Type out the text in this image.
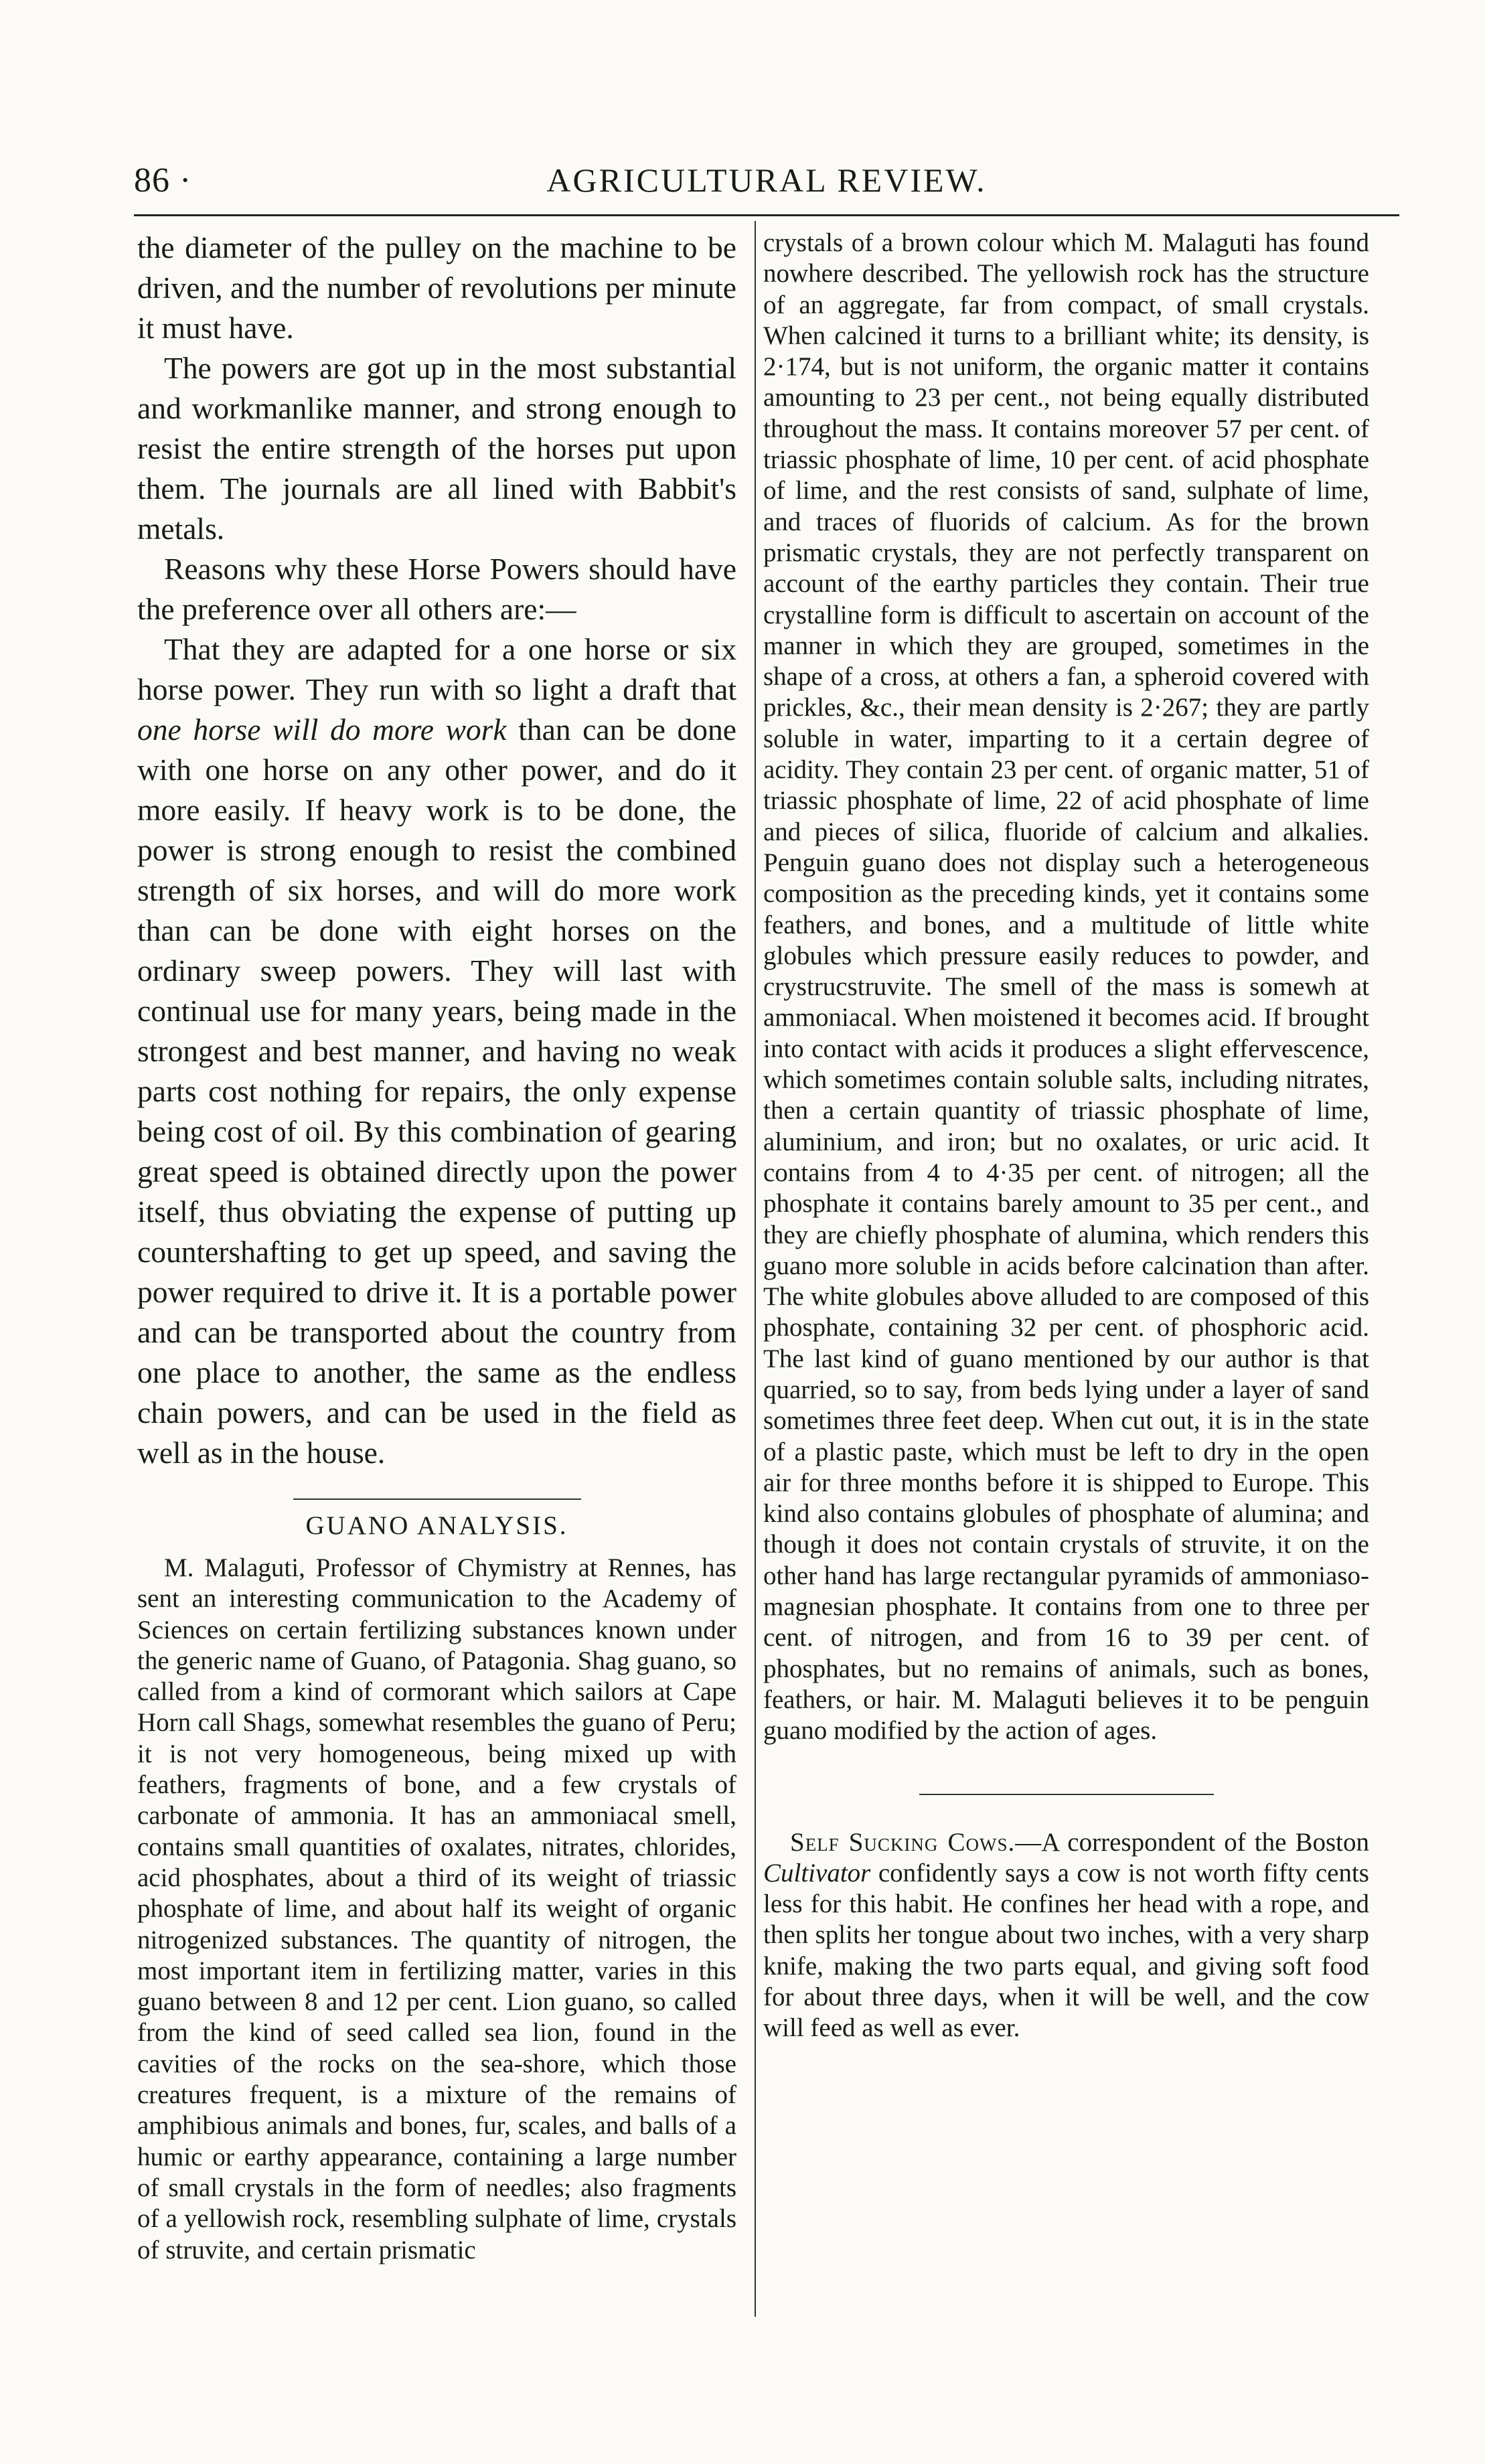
86 ·	AGRICULTURAL REVIEW.

the diameter of the pulley on the machine to be driven, and the number of revolutions per minute it must have.

The powers are got up in the most substantial and workmanlike manner, and strong enough to resist the entire strength of the horses put upon them. The journals are all lined with Babbit's metals.

Reasons why these Horse Powers should have the preference over all others are:—

That they are adapted for a one horse or six horse power. They run with so light a draft that one horse will do more work than can be done with one horse on any other power, and do it more easily. If heavy work is to be done, the power is strong enough to resist the combined strength of six horses, and will do more work than can be done with eight horses on the ordinary sweep powers. They will last with continual use for many years, being made in the strongest and best manner, and having no weak parts cost nothing for repairs, the only expense being cost of oil. By this combination of gearing great speed is obtained directly upon the power itself, thus obviating the expense of putting up countershafting to get up speed, and saving the power required to drive it. It is a portable power and can be transported about the country from one place to another, the same as the endless chain powers, and can be used in the field as well as in the house.

GUANO ANALYSIS.

M. Malaguti, Professor of Chymistry at Rennes, has sent an interesting communication to the Academy of Sciences on certain fertilizing substances known under the generic name of Guano, of Patagonia. Shag guano, so called from a kind of cormorant which sailors at Cape Horn call Shags, somewhat resembles the guano of Peru; it is not very homogeneous, being mixed up with feathers, fragments of bone, and a few crystals of carbonate of ammonia. It has an ammoniacal smell, contains small quantities of oxalates, nitrates, chlorides, acid phosphates, about a third of its weight of triassic phosphate of lime, and about half its weight of organic nitrogenized substances. The quantity of nitrogen, the most important item in fertilizing matter, varies in this guano between 8 and 12 per cent. Lion guano, so called from the kind of seed called sea lion, found in the cavities of the rocks on the sea-shore, which those creatures frequent, is a mixture of the remains of amphibious animals and bones, fur, scales, and balls of a humic or earthy appearance, containing a large number of small crystals in the form of needles; also fragments of a yellowish rock, resembling sulphate of lime, crystals of struvite, and certain prismatic

crystals of a brown colour which M. Malaguti has found nowhere described. The yellowish rock has the structure of an aggregate, far from compact, of small crystals. When calcined it turns to a brilliant white; its density, is 2·174, but is not uniform, the organic matter it contains amounting to 23 per cent., not being equally distributed throughout the mass. It contains moreover 57 per cent. of triassic phosphate of lime, 10 per cent. of acid phosphate of lime, and the rest consists of sand, sulphate of lime, and traces of fluorids of calcium. As for the brown prismatic crystals, they are not perfectly transparent on account of the earthy particles they contain. Their true crystalline form is difficult to ascertain on account of the manner in which they are grouped, sometimes in the shape of a cross, at others a fan, a spheroid covered with prickles, &c., their mean density is 2·267; they are partly soluble in water, imparting to it a certain degree of acidity. They contain 23 per cent. of organic matter, 51 of triassic phosphate of lime, 22 of acid phosphate of lime and pieces of silica, fluoride of calcium and alkalies. Penguin guano does not display such a heterogeneous composition as the preceding kinds, yet it contains some feathers, and bones, and a multitude of little white globules which pressure easily reduces to powder, and crystrucstruvite. The smell of the mass is somewh at ammoniacal. When moistened it becomes acid. If brought into contact with acids it produces a slight effervescence, which sometimes contain soluble salts, including nitrates, then a certain quantity of triassic phosphate of lime, aluminium, and iron; but no oxalates, or uric acid. It contains from 4 to 4·35 per cent. of nitrogen; all the phosphate it contains barely amount to 35 per cent., and they are chiefly phosphate of alumina, which renders this guano more soluble in acids before calcination than after. The white globules above alluded to are composed of this phosphate, containing 32 per cent. of phosphoric acid. The last kind of guano mentioned by our author is that quarried, so to say, from beds lying under a layer of sand sometimes three feet deep. When cut out, it is in the state of a plastic paste, which must be left to dry in the open air for three months before it is shipped to Europe. This kind also contains globules of phosphate of alumina; and though it does not contain crystals of struvite, it on the other hand has large rectangular pyramids of ammoniaso-magnesian phosphate. It contains from one to three per cent. of nitrogen, and from 16 to 39 per cent. of phosphates, but no remains of animals, such as bones, feathers, or hair. M. Malaguti believes it to be penguin guano modified by the action of ages.

Self Sucking Cows.—A correspondent of the Boston Cultivator confidently says a cow is not worth fifty cents less for this habit. He confines her head with a rope, and then splits her tongue about two inches, with a very sharp knife, making the two parts equal, and giving soft food for about three days, when it will be well, and the cow will feed as well as ever.
